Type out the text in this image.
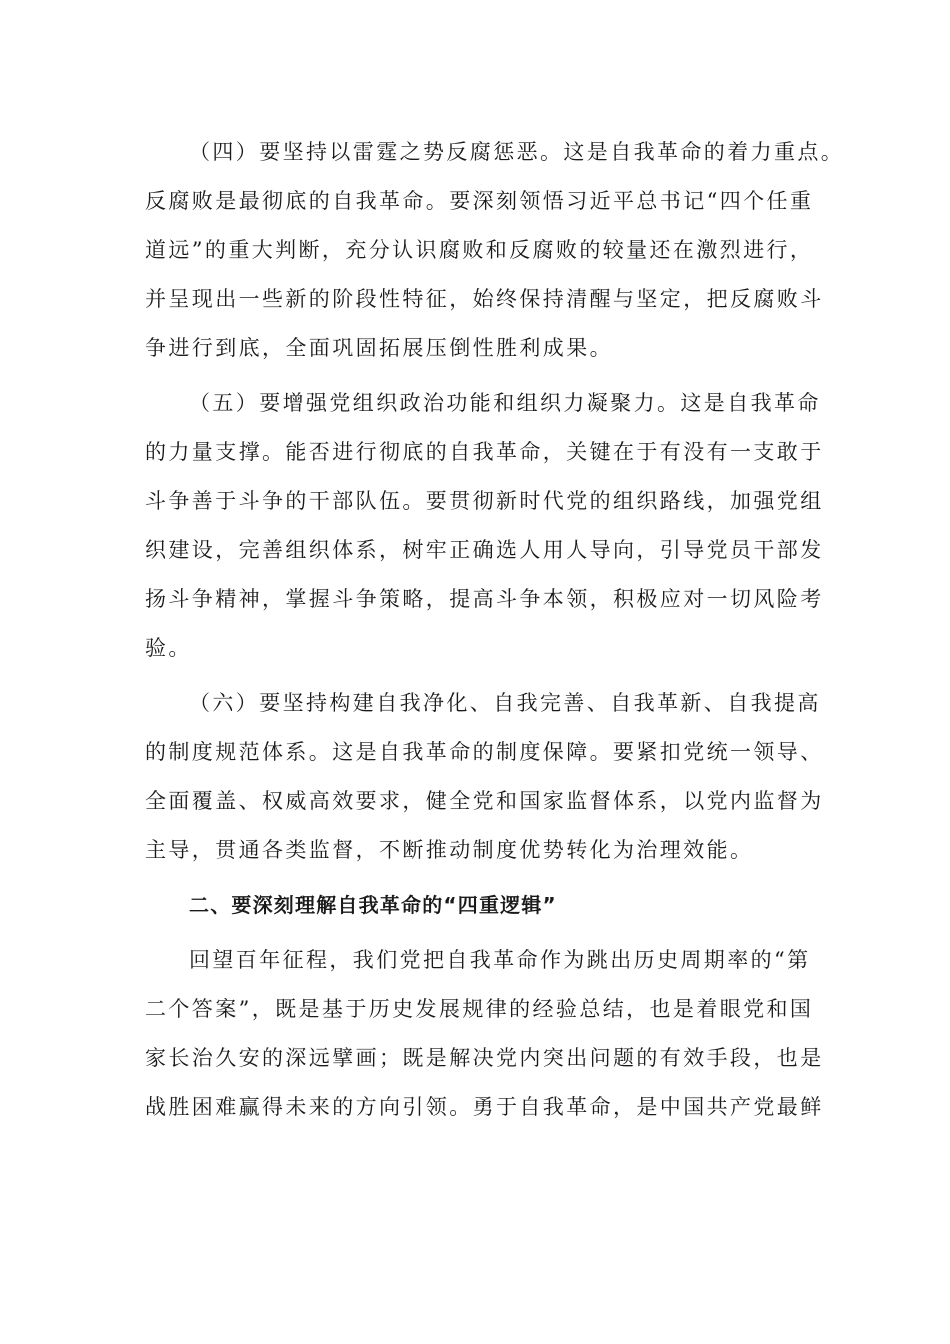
（四）要坚持以雷霆之势反腐惩恶。这是自我革命的着力重点。
反腐败是最彻底的自我革命。要深刻领悟习近平总书记“四个任重
道远”的重大判断，充分认识腐败和反腐败的较量还在激烈进行，
并呈现出一些新的阶段性特征，始终保持清醒与坚定，把反腐败斗
争进行到底，全面巩固拓展压倒性胜利成果。

（五）要增强党组织政治功能和组织力凝聚力。这是自我革命
的力量支撑。能否进行彻底的自我革命，关键在于有没有一支敢于
斗争善于斗争的干部队伍。要贯彻新时代党的组织路线，加强党组
织建设，完善组织体系，树牢正确选人用人导向，引导党员干部发
扬斗争精神，掌握斗争策略，提高斗争本领，积极应对一切风险考
验。

（六）要坚持构建自我净化、自我完善、自我革新、自我提高
的制度规范体系。这是自我革命的制度保障。要紧扣党统一领导、
全面覆盖、权威高效要求，健全党和国家监督体系，以党内监督为
主导，贯通各类监督，不断推动制度优势转化为治理效能。

二、要深刻理解自我革命的“四重逻辑”

回望百年征程，我们党把自我革命作为跳出历史周期率的“第
二个答案”，既是基于历史发展规律的经验总结，也是着眼党和国
家长治久安的深远擘画；既是解决党内突出问题的有效手段，也是
战胜困难赢得未来的方向引领。勇于自我革命，是中国共产党最鲜
